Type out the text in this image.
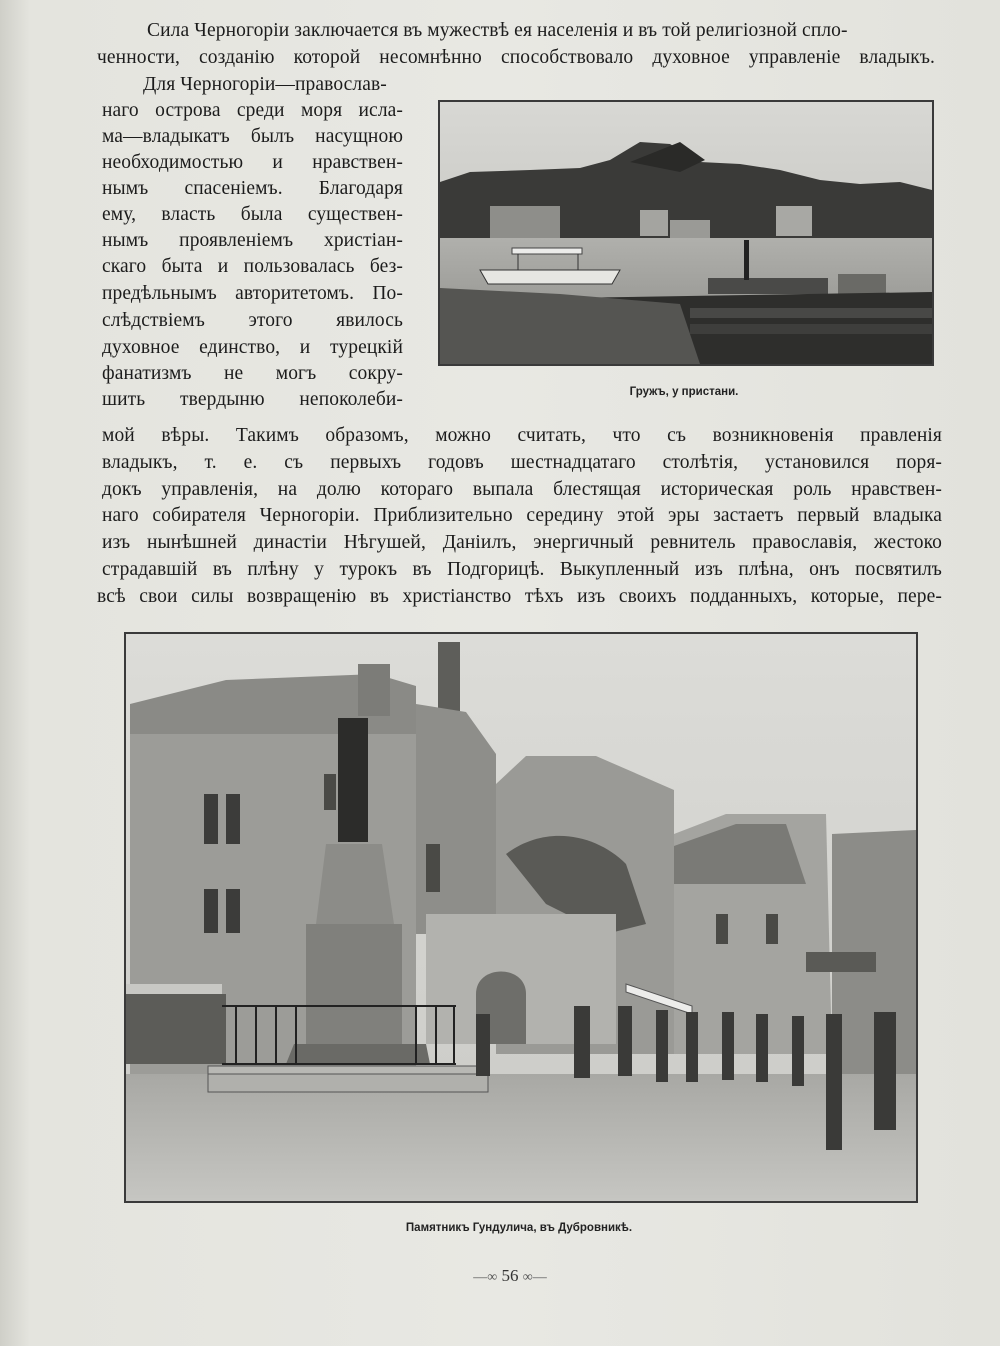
Сила Черногоріи заключается въ мужествѣ ея населенія и въ той религіозной спло-
ченности, созданію которой несомнѣнно способствовало духовное управленіе владыкъ.
Для Черногоріи—православ-
наго острова среди моря исла-
ма—владыкатъ былъ насущною
необходимостью и нравствен-
нымъ спасеніемъ. Благодаря
ему, власть была существен-
нымъ проявленіемъ христіан-
скаго быта и пользовалась без-
предѣльнымъ авторитетомъ. По-
слѣдствіемъ этого явилось
духовное единство, и турецкій
фанатизмъ не могъ сокру-
шить твердыню непоколеби-
мой вѣры. Такимъ образомъ, можно считать, что съ возникновенія правленія
владыкъ, т. е. съ первыхъ годовъ шестнадцатаго столѣтія, установился поря-
докъ управленія, на долю котораго выпала блестящая историческая роль нравствен-
наго собирателя Черногоріи. Приблизительно середину этой эры застаетъ первый владыка
изъ нынѣшней династіи Нѣгушей, Даніилъ, энергичный ревнитель православія, жестоко
страдавшій въ плѣну у турокъ въ Подгорицѣ. Выкупленный изъ плѣна, онъ посвятилъ
всѣ свои силы возвращенію въ христіанство тѣхъ изъ своихъ подданныхъ, которые, пере-
Гружъ, у пристани.
Памятникъ Гундулича, въ Дубровникѣ.
—∞ 56 ∞—
